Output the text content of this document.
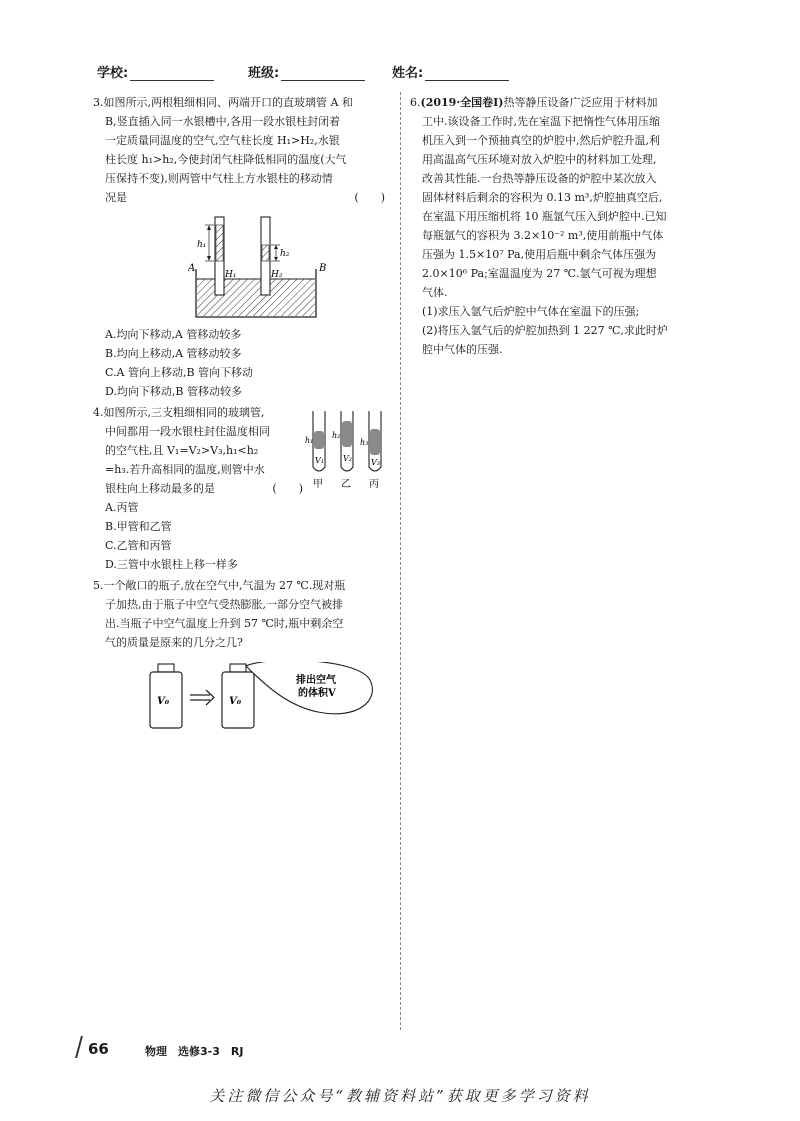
学校:	班级:	姓名:

3.如图所示,两根粗细相同、两端开口的直玻璃管 A 和

B,竖直插入同一水银槽中,各用一段水银柱封闭着

一定质量同温度的空气,空气柱长度 H₁>H₂,水银

柱长度 h₁>h₂,今使封闭气柱降低相同的温度(大气

压保持不变),则两管中气柱上方水银柱的移动情

况是	(　　)

h₁
h₂
A	B
H₁	H₂

A.均向下移动,A 管移动较多

B.均向上移动,A 管移动较多

C.A 管向上移动,B 管向下移动

D.均向下移动,B 管移动较多

4.如图所示,三支粗细相同的玻璃管,

中间都用一段水银柱封住温度相同

的空气柱,且 V₁=V₂>V₃,h₁<h₂

=h₃.若升高相同的温度,则管中水

银柱向上移动最多的是	(　　)

h₁
h₂
h₃
V₁ V₂ V₃
甲 乙 丙

A.丙管

B.甲管和乙管

C.乙管和丙管

D.三管中水银柱上移一样多

5.一个敞口的瓶子,放在空气中,气温为 27 ℃.现对瓶

子加热,由于瓶子中空气受热膨胀,一部分空气被排

出.当瓶子中空气温度上升到 57 ℃时,瓶中剩余空

气的质量是原来的几分之几?

V₀	V₀
排出空气
的体积V

6.(2019·全国卷Ⅰ)热等静压设备广泛应用于材料加

工中.该设备工作时,先在室温下把惰性气体用压缩

机压入到一个预抽真空的炉腔中,然后炉腔升温,利

用高温高气压环境对放入炉腔中的材料加工处理,

改善其性能.一台热等静压设备的炉腔中某次放入

固体材料后剩余的容积为 0.13 m³,炉腔抽真空后,

在室温下用压缩机将 10 瓶氩气压入到炉腔中.已知

每瓶氩气的容积为 3.2×10⁻² m³,使用前瓶中气体

压强为 1.5×10⁷ Pa,使用后瓶中剩余气体压强为

2.0×10⁶ Pa;室温温度为 27 ℃.氩气可视为理想

气体.

(1)求压入氩气后炉腔中气体在室温下的压强;

(2)将压入氩气后的炉腔加热到 1 227 ℃,求此时炉

腔中气体的压强.

66	物理　选修3-3　RJ
关注微信公众号“教辅资料站”获取更多学习资料
